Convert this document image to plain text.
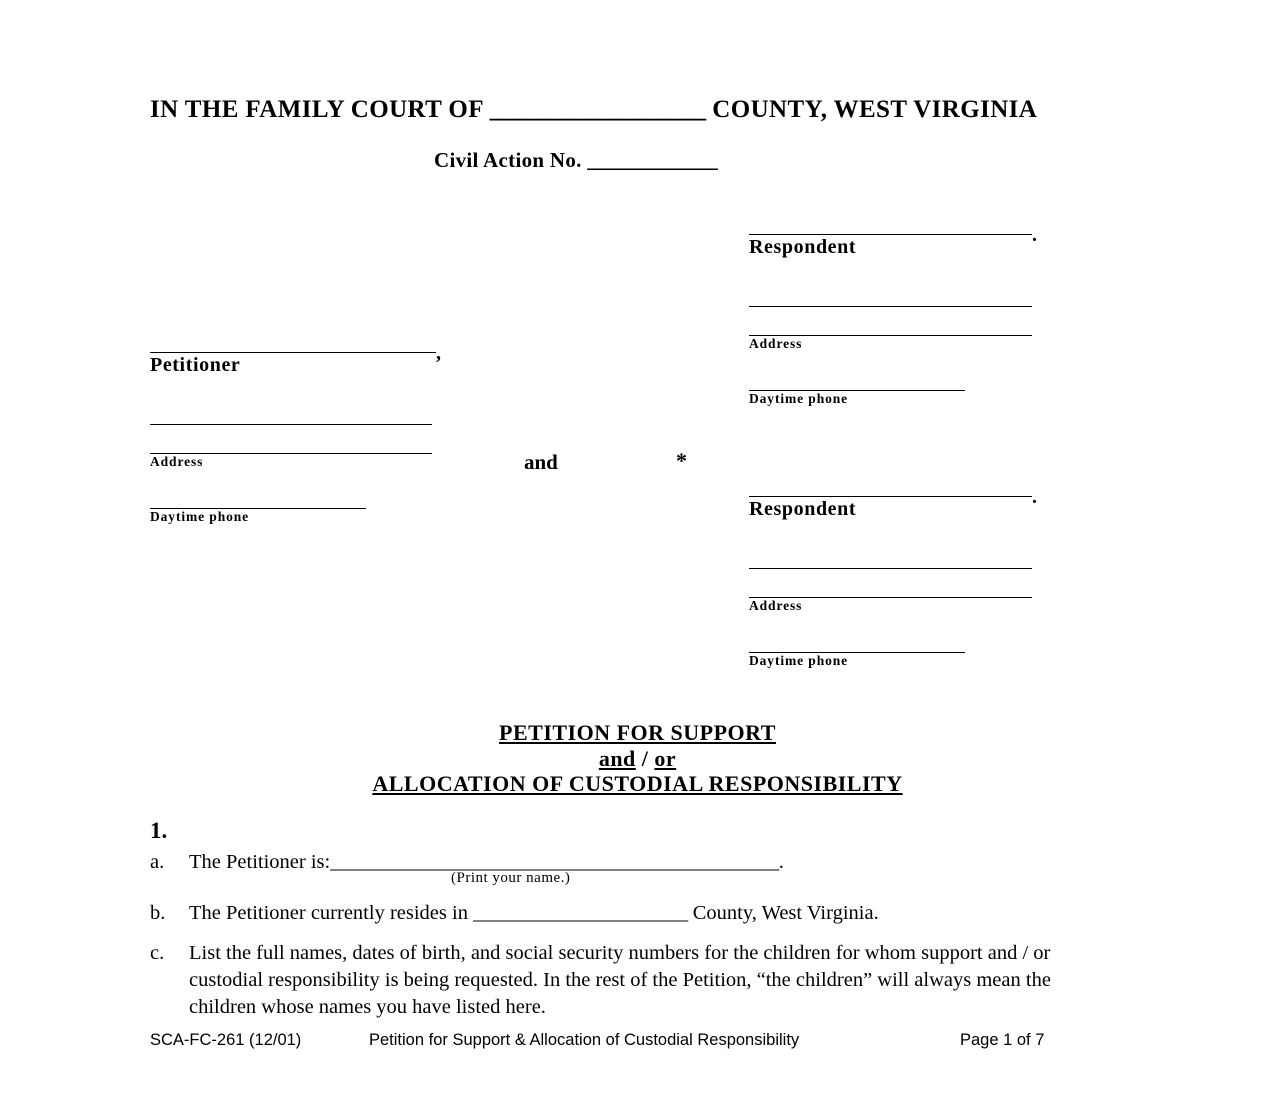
IN THE FAMILY COURT OF __________________ COUNTY, WEST VIRGINIA
Civil Action No. _____________
.
Respondent
Address
Daytime phone
,
Petitioner
Address
Daytime phone
and	*
.
Respondent
Address
Daytime phone
PETITION FOR SUPPORT
and / or
ALLOCATION OF CUSTODIAL RESPONSIBILITY
1.
a. The Petitioner is:______________________________________________.
(Print your name.)
b. The Petitioner currently resides in ______________________ County, West Virginia.
c. List the full names, dates of birth, and social security numbers for the children for whom support and / or custodial responsibility is being requested. In the rest of the Petition, “the children” will always mean the children whose names you have listed here.
SCA-FC-261 (12/01)	Petition for Support & Allocation of Custodial Responsibility	Page 1 of 7
